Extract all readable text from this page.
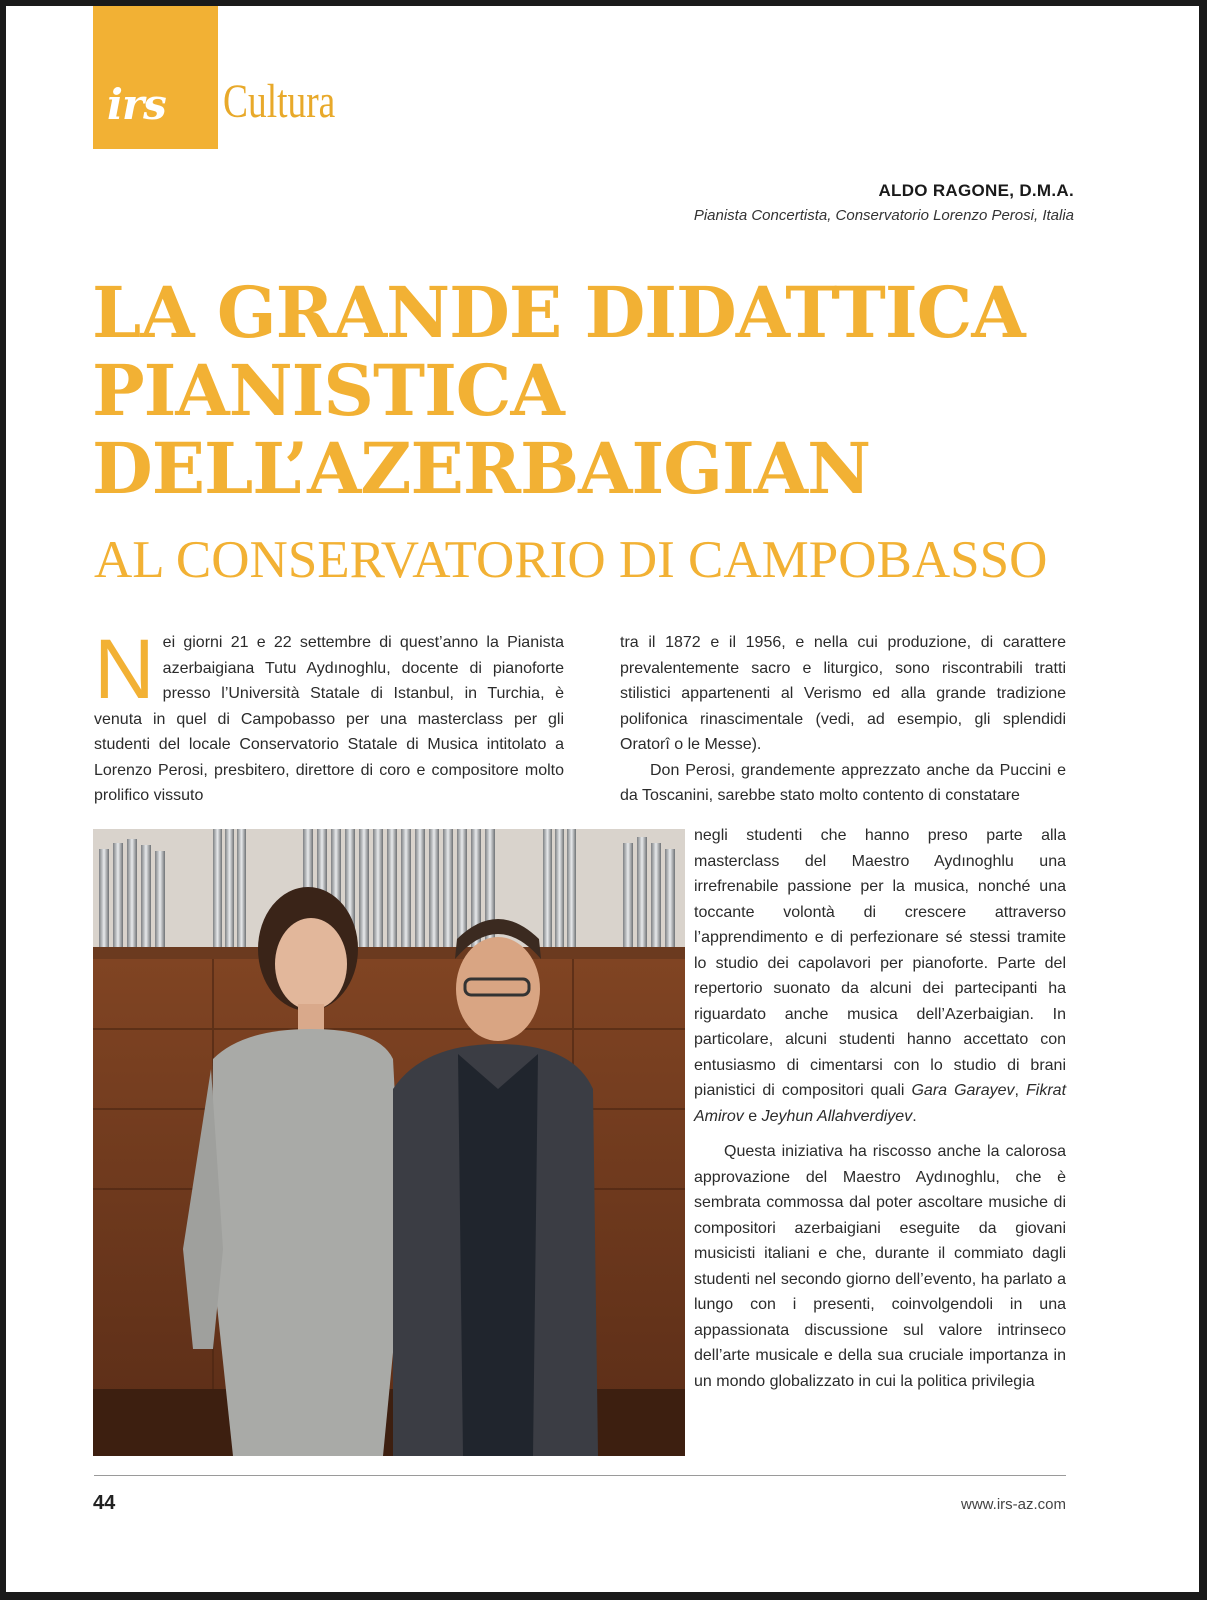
irs Cultura
ALDO RAGONE, D.M.A.
Pianista Concertista, Conservatorio Lorenzo Perosi, Italia
LA GRANDE DIDATTICA
PIANISTICA
DELL’AZERBAIGIAN
AL CONSERVATORIO DI CAMPOBASSO

Nei giorni 21 e 22 settembre di quest’anno la Pianista azerbaigiana Tutu Aydınoghlu, docente di pianoforte presso l’Università Statale di Istanbul, in Turchia, è venuta in quel di Campobasso per una masterclass per gli studenti del locale Conservatorio Statale di Musica intitolato a Lorenzo Perosi, presbitero, direttore di coro e compositore molto prolifico vissuto

tra il 1872 e il 1956, e nella cui produzione, di carattere prevalentemente sacro e liturgico, sono riscontrabili tratti stilistici appartenenti al Verismo ed alla grande tradizione polifonica rinascimentale (vedi, ad esempio, gli splendidi Oratorî o le Messe).

Don Perosi, grandemente apprezzato anche da Puccini e da Toscanini, sarebbe stato molto contento di constatare

negli studenti che hanno preso parte alla masterclass del Maestro Aydınoghlu una irrefrenabile passione per la musica, nonché una toccante volontà di crescere attraverso l’apprendimento e di perfezionare sé stessi tramite lo studio dei capolavori per pianoforte. Parte del repertorio suonato da alcuni dei partecipanti ha riguardato anche musica dell’Azerbaigian. In particolare, alcuni studenti hanno accettato con entusiasmo di cimentarsi con lo studio di brani pianistici di compositori quali Gara Garayev, Fikrat Amirov e Jeyhun Allahverdiyev.

Questa iniziativa ha riscosso anche la calorosa approvazione del Maestro Aydınoghlu, che è sembrata commossa dal poter ascoltare musiche di compositori azerbaigiani eseguite da giovani musicisti italiani e che, durante il commiato dagli studenti nel secondo giorno dell’evento, ha parlato a lungo con i presenti, coinvolgendoli in una appassionata discussione sul valore intrinseco dell’arte musicale e della sua cruciale importanza in un mondo globalizzato in cui la politica privilegia

44	www.irs-az.com
